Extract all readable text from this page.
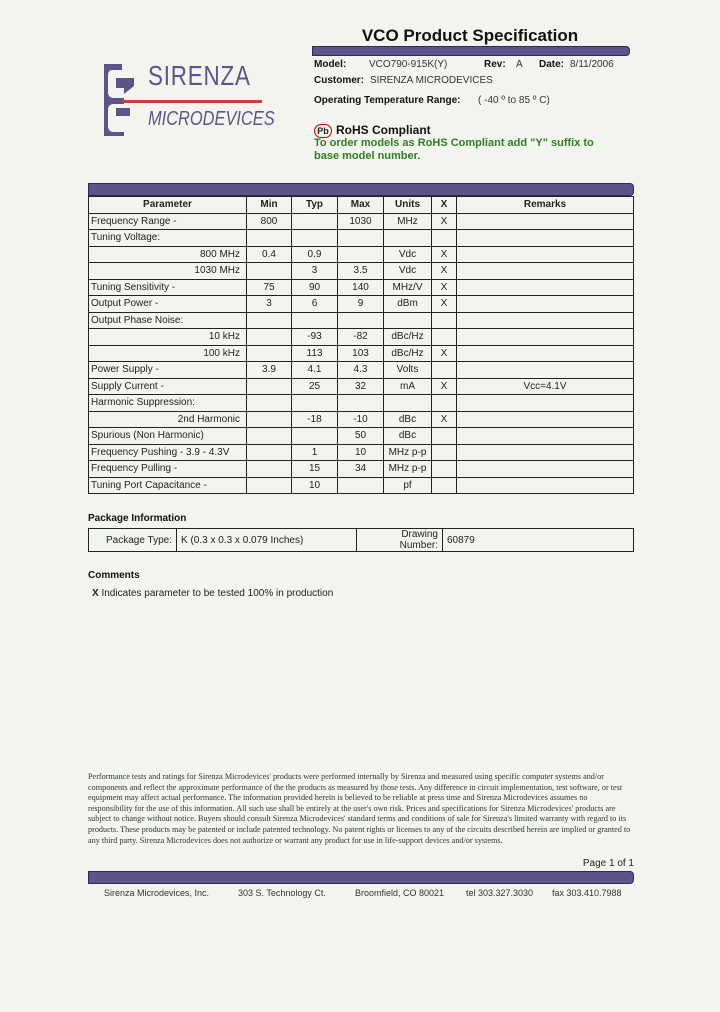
VCO Product Specification
SIRENZA
MICRODEVICES
Model: VCO790-915K(Y)	Rev: A Date: 8/11/2006
Customer: SIRENZA MICRODEVICES
Operating Temperature Range: ( -40 º to 85 º C)
Pb RoHS Compliant
To order models as RoHS Compliant add "Y" suffix to base model number.
Parameter	Min	Typ	Max	Units	X	Remarks
Frequency Range -	800		1030	MHz	X	
Tuning Voltage:						
800 MHz	0.4	0.9		Vdc	X	
1030 MHz		3	3.5	Vdc	X	
Tuning Sensitivity -	75	90	140	MHz/V	X	
Output Power -	3	6	9	dBm	X	
Output Phase Noise:						
10 kHz		-93	-82	dBc/Hz		
100 kHz		113	103	dBc/Hz	X	
Power Supply -	3.9	4.1	4.3	Volts		
Supply Current -		25	32	mA	X	Vcc=4.1V
Harmonic Suppression:						
2nd Harmonic		-18	-10	dBc	X	
Spurious (Non Harmonic)			50	dBc		
Frequency Pushing - 3.9 - 4.3V		1	10	MHz p-p		
Frequency Pulling -		15	34	MHz p-p		
Tuning Port Capacitance -		10		pf		
Package Information
Package Type:	K (0.3 x 0.3 x 0.079 Inches)	Drawing Number:	60879
Comments
X Indicates parameter to be tested 100% in production
Performance tests and ratings for Sirenza Microdevices' products were performed internally by Sirenza and measured using specific computer systems and/or components and reflect the approximate performance of the the products as measured by those tests. Any difference in circuit implementation, test software, or test equipment may affect actual performance. The information provided herein is believed to be reliable at press time and Sirenza Microdevices assumes no responsibility for the use of this information. All such use shall be entirely at the user's own risk. Prices and specifications for Sirenza Microdevices' products are subject to change without notice. Buyers should consult Sirenza Microdevices' standard terms and conditions of sale for Sirenza's limited warranty with regard to its products. These products may be patented or include patented technology. No patent rights or licenses to any of the circuits described herein are implied or granted to any third party. Sirenza Microdevices does not authorize or warrant any product for use in life-support devices and/or systems.
Page 1 of 1
Sirenza Microdevices, Inc.	303 S. Technology Ct.	Broomfield, CO 80021 tel 303.327.3030 fax 303.410.7988
